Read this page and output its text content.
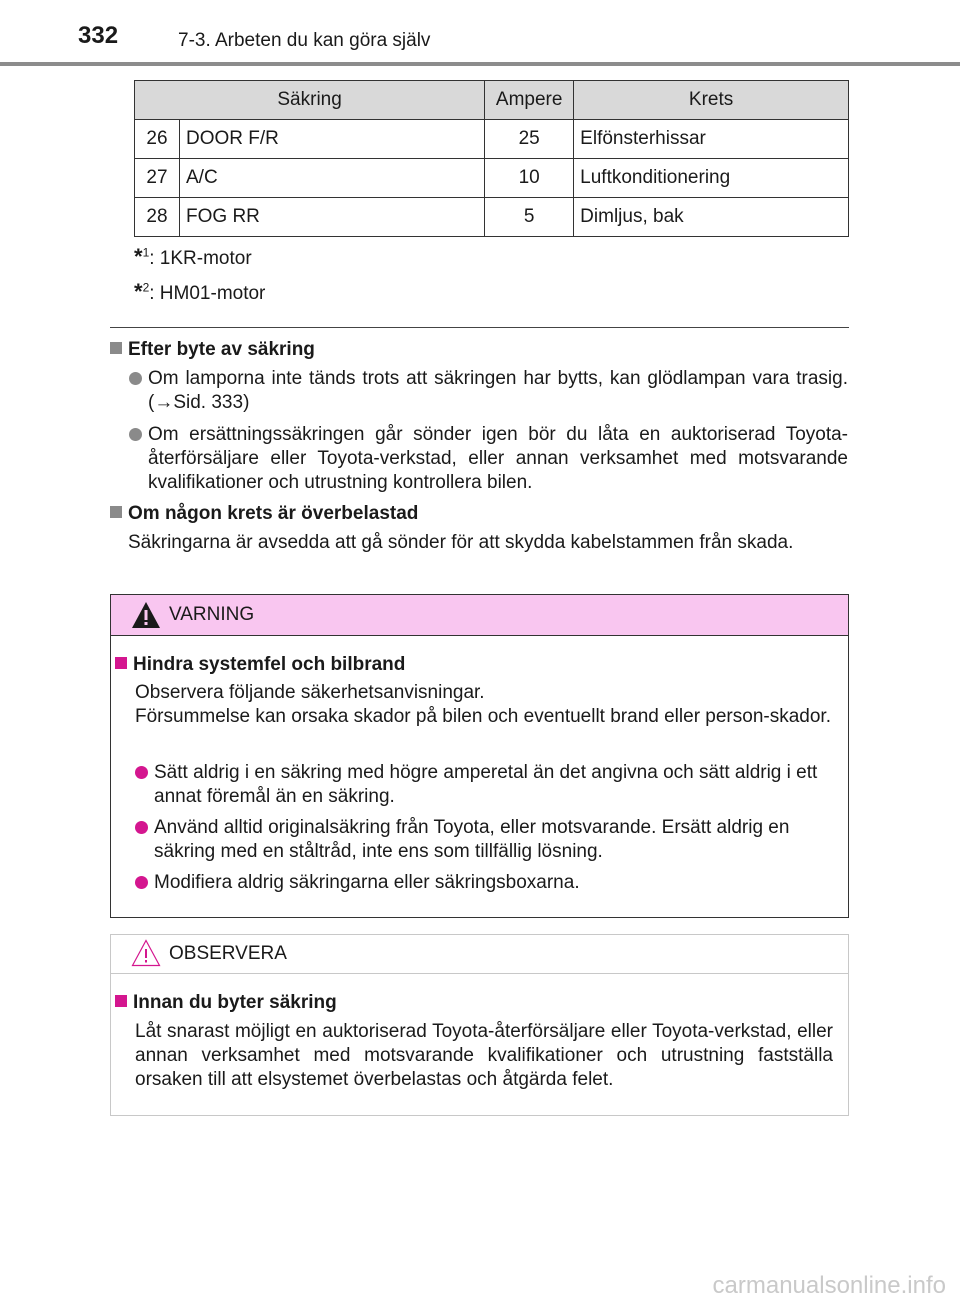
332	7-3. Arbeten du kan göra själv
Säkring		Ampere	Krets
26	DOOR F/R	25	Elfönsterhissar
27	A/C	10	Luftkonditionering
28	FOG RR	5	Dimljus, bak
*$^1$: 1KR-motor
*$^2$: HM01-motor
Efter byte av säkring
Om lamporna inte tänds trots att säkringen har bytts, kan glödlampan vara trasig. (→Sid. 333)
Om ersättningssäkringen går sönder igen bör du låta en auktoriserad Toyota-återförsäljare eller Toyota-verkstad, eller annan verksamhet med motsvarande kvalifikationer och utrustning kontrollera bilen.
Om någon krets är överbelastad
Säkringarna är avsedda att gå sönder för att skydda kabelstammen från skada.
VARNING
Hindra systemfel och bilbrand
Observera följande säkerhetsanvisningar.
Försummelse kan orsaka skador på bilen och eventuellt brand eller person-skador.
Sätt aldrig i en säkring med högre amperetal än det angivna och sätt aldrig i ett annat föremål än en säkring.
Använd alltid originalsäkring från Toyota, eller motsvarande. Ersätt aldrig en säkring med en ståltråd, inte ens som tillfällig lösning.
Modifiera aldrig säkringarna eller säkringsboxarna.
OBSERVERA
Innan du byter säkring
Låt snarast möjligt en auktoriserad Toyota-återförsäljare eller Toyota-verkstad, eller annan verksamhet med motsvarande kvalifikationer och utrustning fastställa orsaken till att elsystemet överbelastas och åtgärda felet.
carmanualsonline.info
